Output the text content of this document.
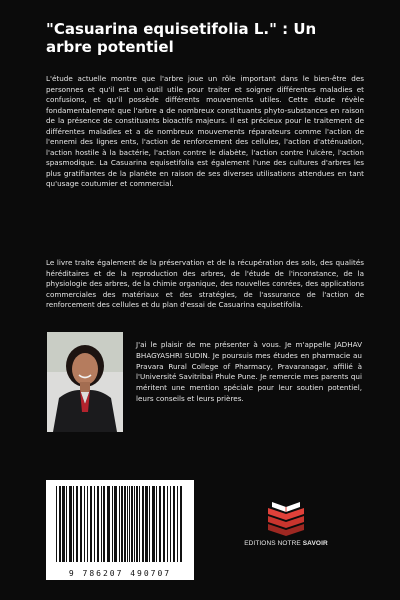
"Casuarina equisetifolia L." : Un arbre potentiel

L'étude actuelle montre que l'arbre joue un rôle important dans le bien-être des personnes et qu'il est un outil utile pour traiter et soigner différentes maladies et confusions, et qu'il possède différents mouvements utiles. Cette étude révèle fondamentalement que l'arbre a de nombreux constituants phyto-substances en raison de la présence de constituants bioactifs majeurs. Il est précieux pour le traitement de différentes maladies et a de nombreux mouvements réparateurs comme l'action de l'ennemi des lignes ents, l'action de renforcement des cellules, l'action d'atténuation, l'action hostile à la bactérie, l'action contre le diabète, l'action contre l'ulcère, l'action spasmodique. La Casuarina equisetifolia est également l'une des cultures d'arbres les plus gratifiantes de la planète en raison de ses diverses utilisations attendues en tant qu'usage coutumier et commercial.

Le livre traite également de la préservation et de la récupération des sols, des qualités héréditaires et de la reproduction des arbres, de l'étude de l'inconstance, de la physiologie des arbres, de la chimie organique, des nouvelles conrées, des applications commerciales des matériaux et des stratégies, de l'assurance de l'action de renforcement des cellules et du plan d'essai de Casuarina equisetifolia.

J'ai le plaisir de me présenter à vous. Je m'appelle JADHAV BHAGYASHRI SUDIN. Je poursuis mes études en pharmacie au Pravara Rural College of Pharmacy, Pravaranagar, affilié à l'Université Savitribai Phule Pune. Je remercie mes parents qui méritent une mention spéciale pour leur soutien potentiel, leurs conseils et leurs prières.

9 786207 490707
EDITIONS NOTRE SAVOIR
